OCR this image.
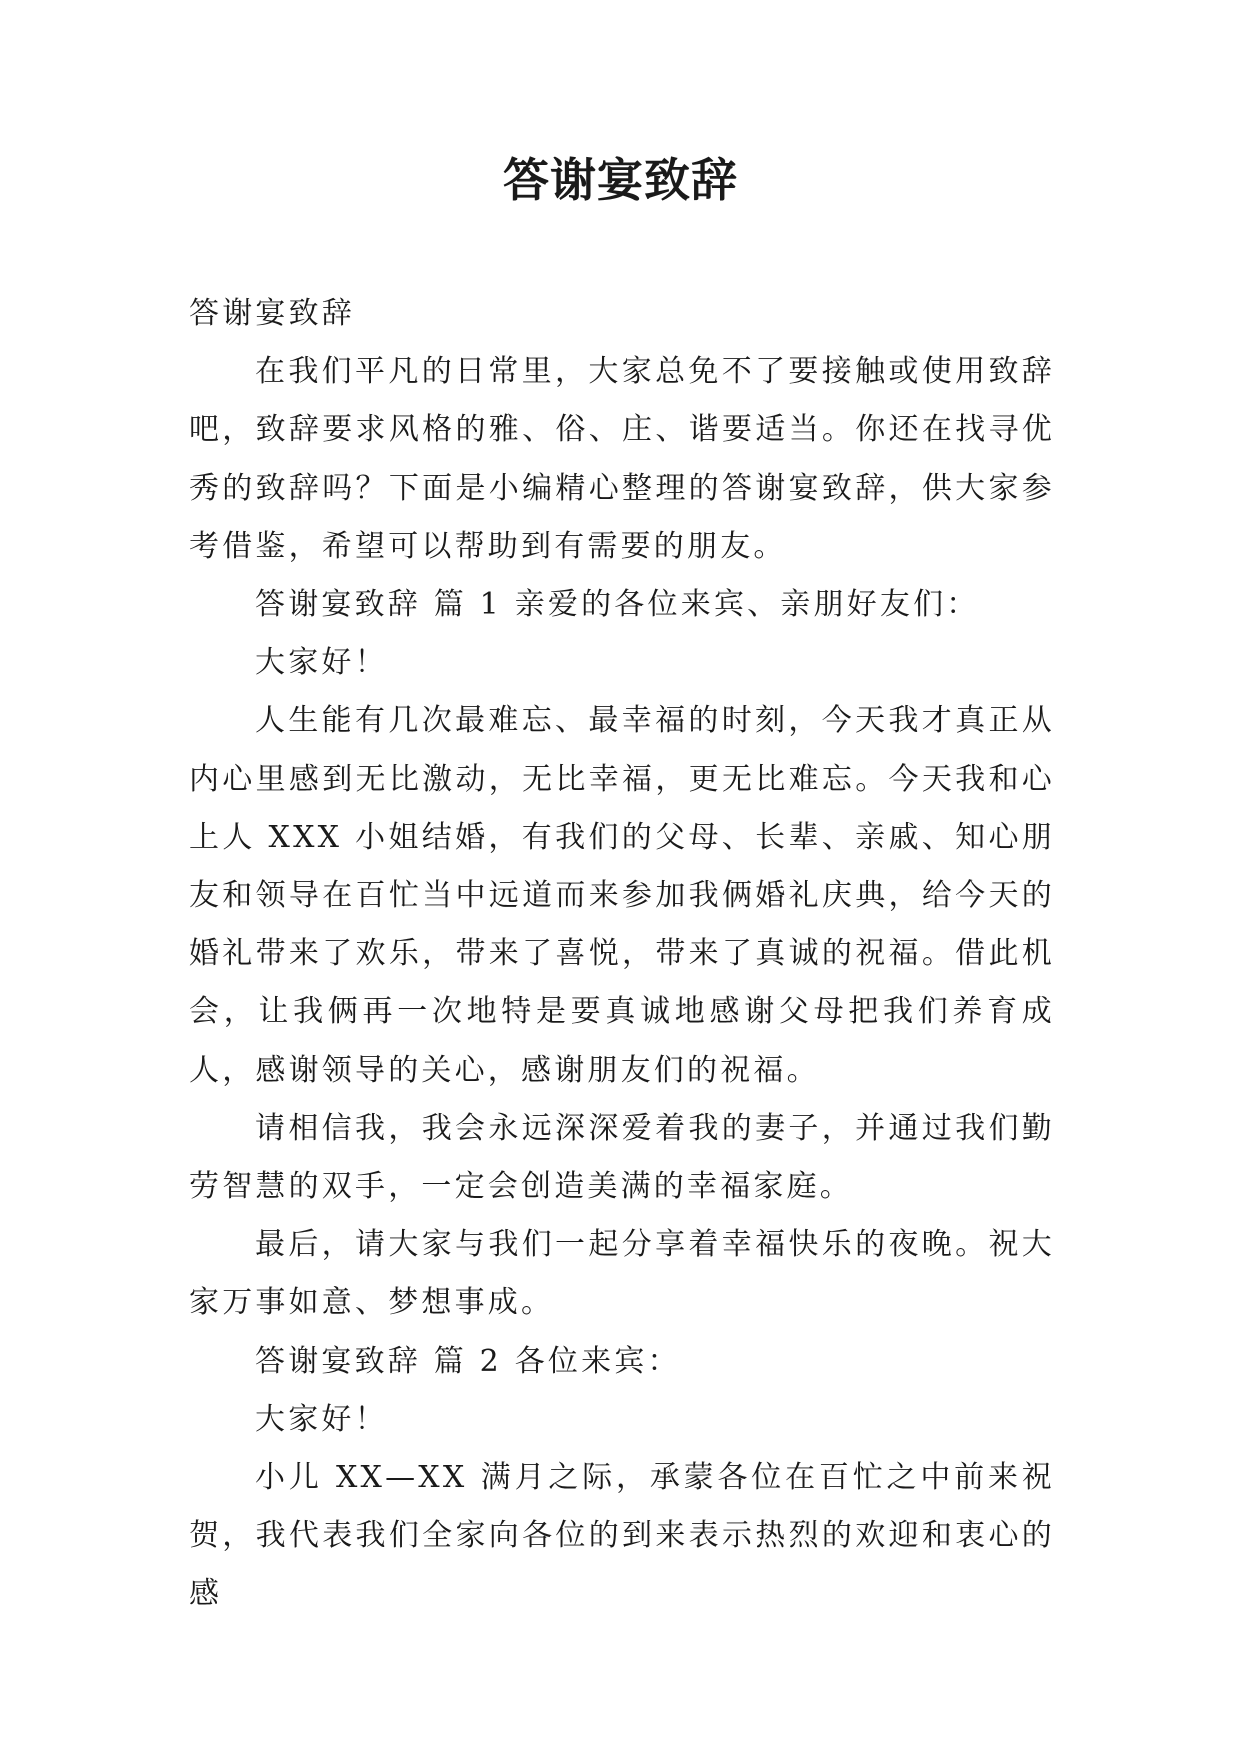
答谢宴致辞

答谢宴致辞

在我们平凡的日常里，大家总免不了要接触或使用致辞吧，致辞要求风格的雅、俗、庄、谐要适当。你还在找寻优秀的致辞吗？下面是小编精心整理的答谢宴致辞，供大家参考借鉴，希望可以帮助到有需要的朋友。

答谢宴致辞 篇 1 亲爱的各位来宾、亲朋好友们：

大家好！

人生能有几次最难忘、最幸福的时刻，今天我才真正从内心里感到无比激动，无比幸福，更无比难忘。今天我和心上人 XXX 小姐结婚，有我们的父母、长辈、亲戚、知心朋友和领导在百忙当中远道而来参加我俩婚礼庆典，给今天的婚礼带来了欢乐，带来了喜悦，带来了真诚的祝福。借此机会，让我俩再一次地特是要真诚地感谢父母把我们养育成人，感谢领导的关心，感谢朋友们的祝福。

请相信我，我会永远深深爱着我的妻子，并通过我们勤劳智慧的双手，一定会创造美满的幸福家庭。

最后，请大家与我们一起分享着幸福快乐的夜晚。祝大家万事如意、梦想事成。

答谢宴致辞 篇 2 各位来宾：

大家好！

小儿 XX—XX 满月之际，承蒙各位在百忙之中前来祝贺，我代表我们全家向各位的到来表示热烈的欢迎和衷心的感
